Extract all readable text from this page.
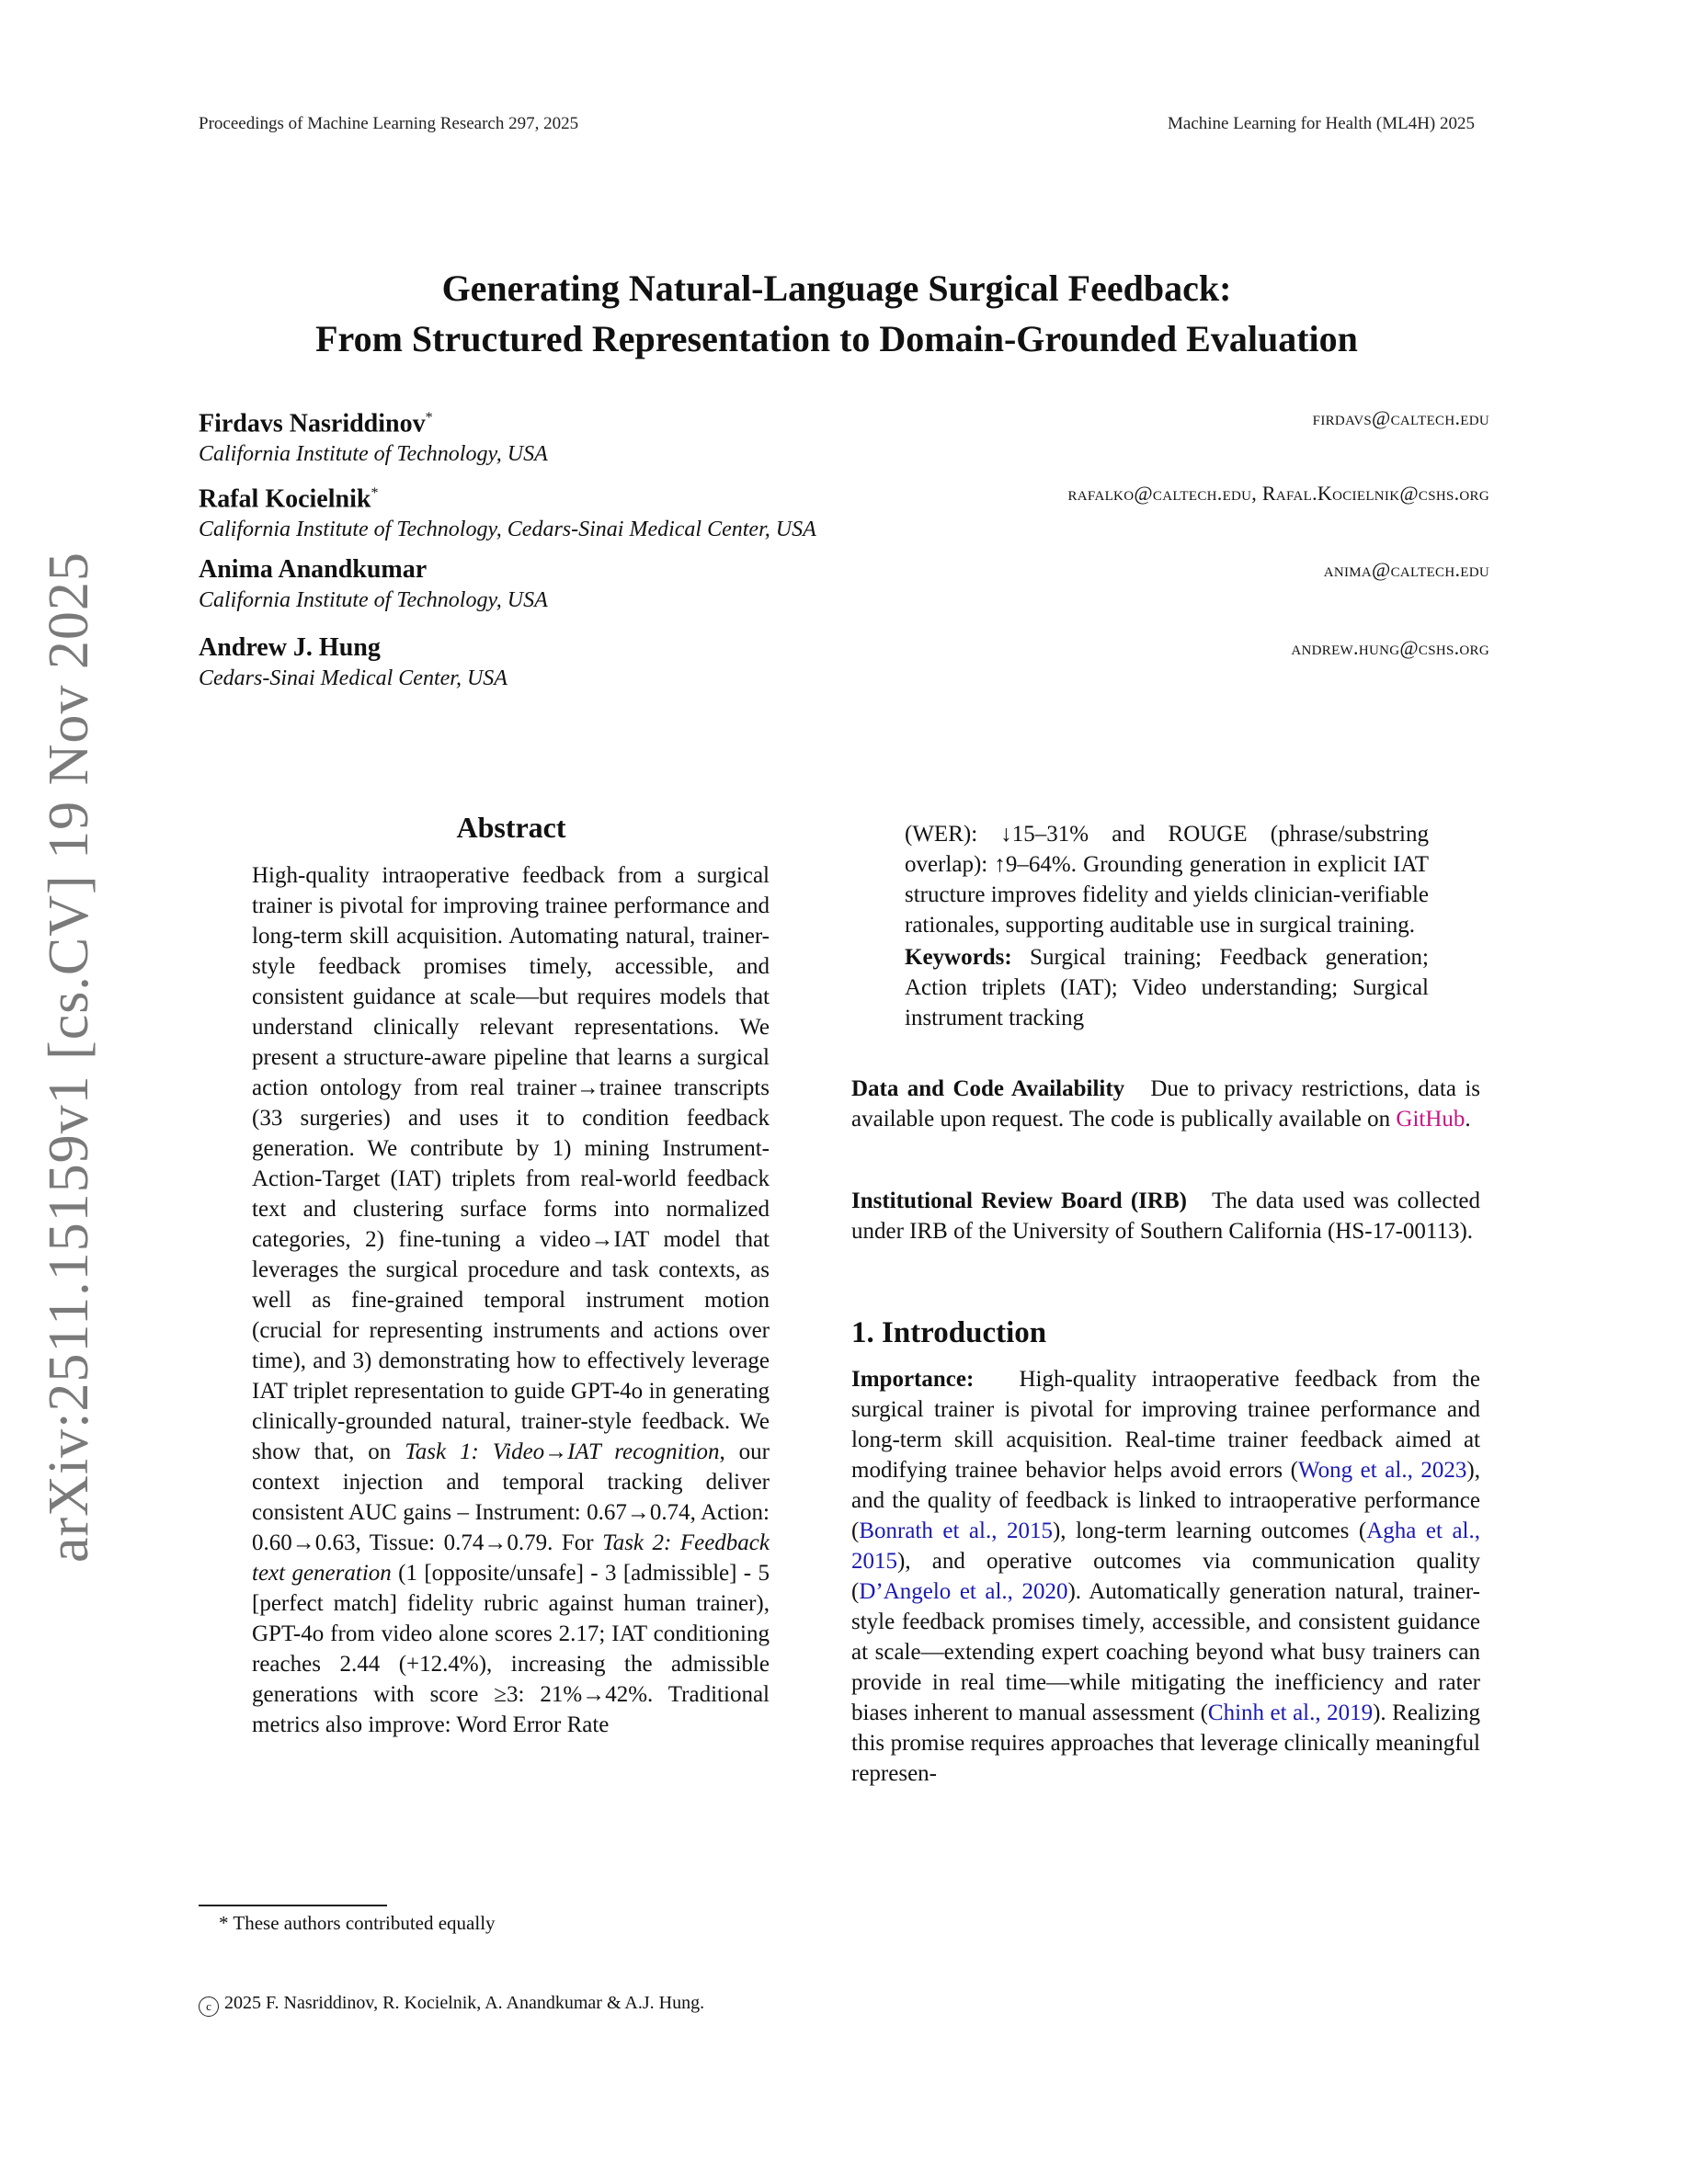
Proceedings of Machine Learning Research 297, 2025	Machine Learning for Health (ML4H) 2025
Generating Natural-Language Surgical Feedback:
From Structured Representation to Domain-Grounded Evaluation
Firdavs Nasriddinov*	firdavs@caltech.edu
California Institute of Technology, USA
Rafal Kocielnik*	rafalko@caltech.edu, Rafal.Kocielnik@cshs.org
California Institute of Technology, Cedars-Sinai Medical Center, USA
Anima Anandkumar	anima@caltech.edu
California Institute of Technology, USA
Andrew J. Hung	andrew.hung@cshs.org
Cedars-Sinai Medical Center, USA
arXiv:2511.15159v1 [cs.CV] 19 Nov 2025	Abstract
High-quality intraoperative feedback from a surgical trainer is pivotal for improving trainee performance and long-term skill acquisition. Automating natural, trainer-style feedback promises timely, accessible, and consistent guidance at scale—but requires models that understand clinically relevant representations. We present a structure-aware pipeline that learns a surgical action ontology from real trainer→trainee transcripts (33 surgeries) and uses it to condition feedback generation. We contribute by 1) mining Instrument-Action-Target (IAT) triplets from real-world feedback text and clustering surface forms into normalized categories, 2) fine-tuning a video→IAT model that leverages the surgical procedure and task contexts, as well as fine-grained temporal instrument motion (crucial for representing instruments and actions over time), and 3) demonstrating how to effectively leverage IAT triplet representation to guide GPT-4o in generating clinically-grounded natural, trainer-style feedback. We show that, on Task 1: Video→IAT recognition, our context injection and temporal tracking deliver consistent AUC gains – Instrument: 0.67→0.74, Action: 0.60→0.63, Tissue: 0.74→0.79. For Task 2: Feedback text generation (1 [opposite/unsafe] - 3 [admissible] - 5 [perfect match] fidelity rubric against human trainer), GPT-4o from video alone scores 2.17; IAT conditioning reaches 2.44 (+12.4%), increasing the admissible generations with score ≥3: 21%→42%. Traditional metrics also improve: Word Error Rate
(WER): ↓15–31% and ROUGE (phrase/substring overlap): ↑9–64%. Grounding generation in explicit IAT structure improves fidelity and yields clinician-verifiable rationales, supporting auditable use in surgical training.
Keywords: Surgical training; Feedback generation; Action triplets (IAT); Video understanding; Surgical instrument tracking
Data and Code Availability Due to privacy restrictions, data is available upon request. The code is publically available on GitHub.
Institutional Review Board (IRB) The data used was collected under IRB of the University of Southern California (HS-17-00113).
1. Introduction
Importance: High-quality intraoperative feedback from the surgical trainer is pivotal for improving trainee performance and long-term skill acquisition. Real-time trainer feedback aimed at modifying trainee behavior helps avoid errors (Wong et al., 2023), and the quality of feedback is linked to intraoperative performance (Bonrath et al., 2015), long-term learning outcomes (Agha et al., 2015), and operative outcomes via communication quality (D’Angelo et al., 2020). Automatically generation natural, trainer-style feedback promises timely, accessible, and consistent guidance at scale—extending expert coaching beyond what busy trainers can provide in real time—while mitigating the inefficiency and rater biases inherent to manual assessment (Chinh et al., 2019). Realizing this promise requires approaches that leverage clinically meaningful represen-
* These authors contributed equally
c 2025 F. Nasriddinov, R. Kocielnik, A. Anandkumar & A.J. Hung.
